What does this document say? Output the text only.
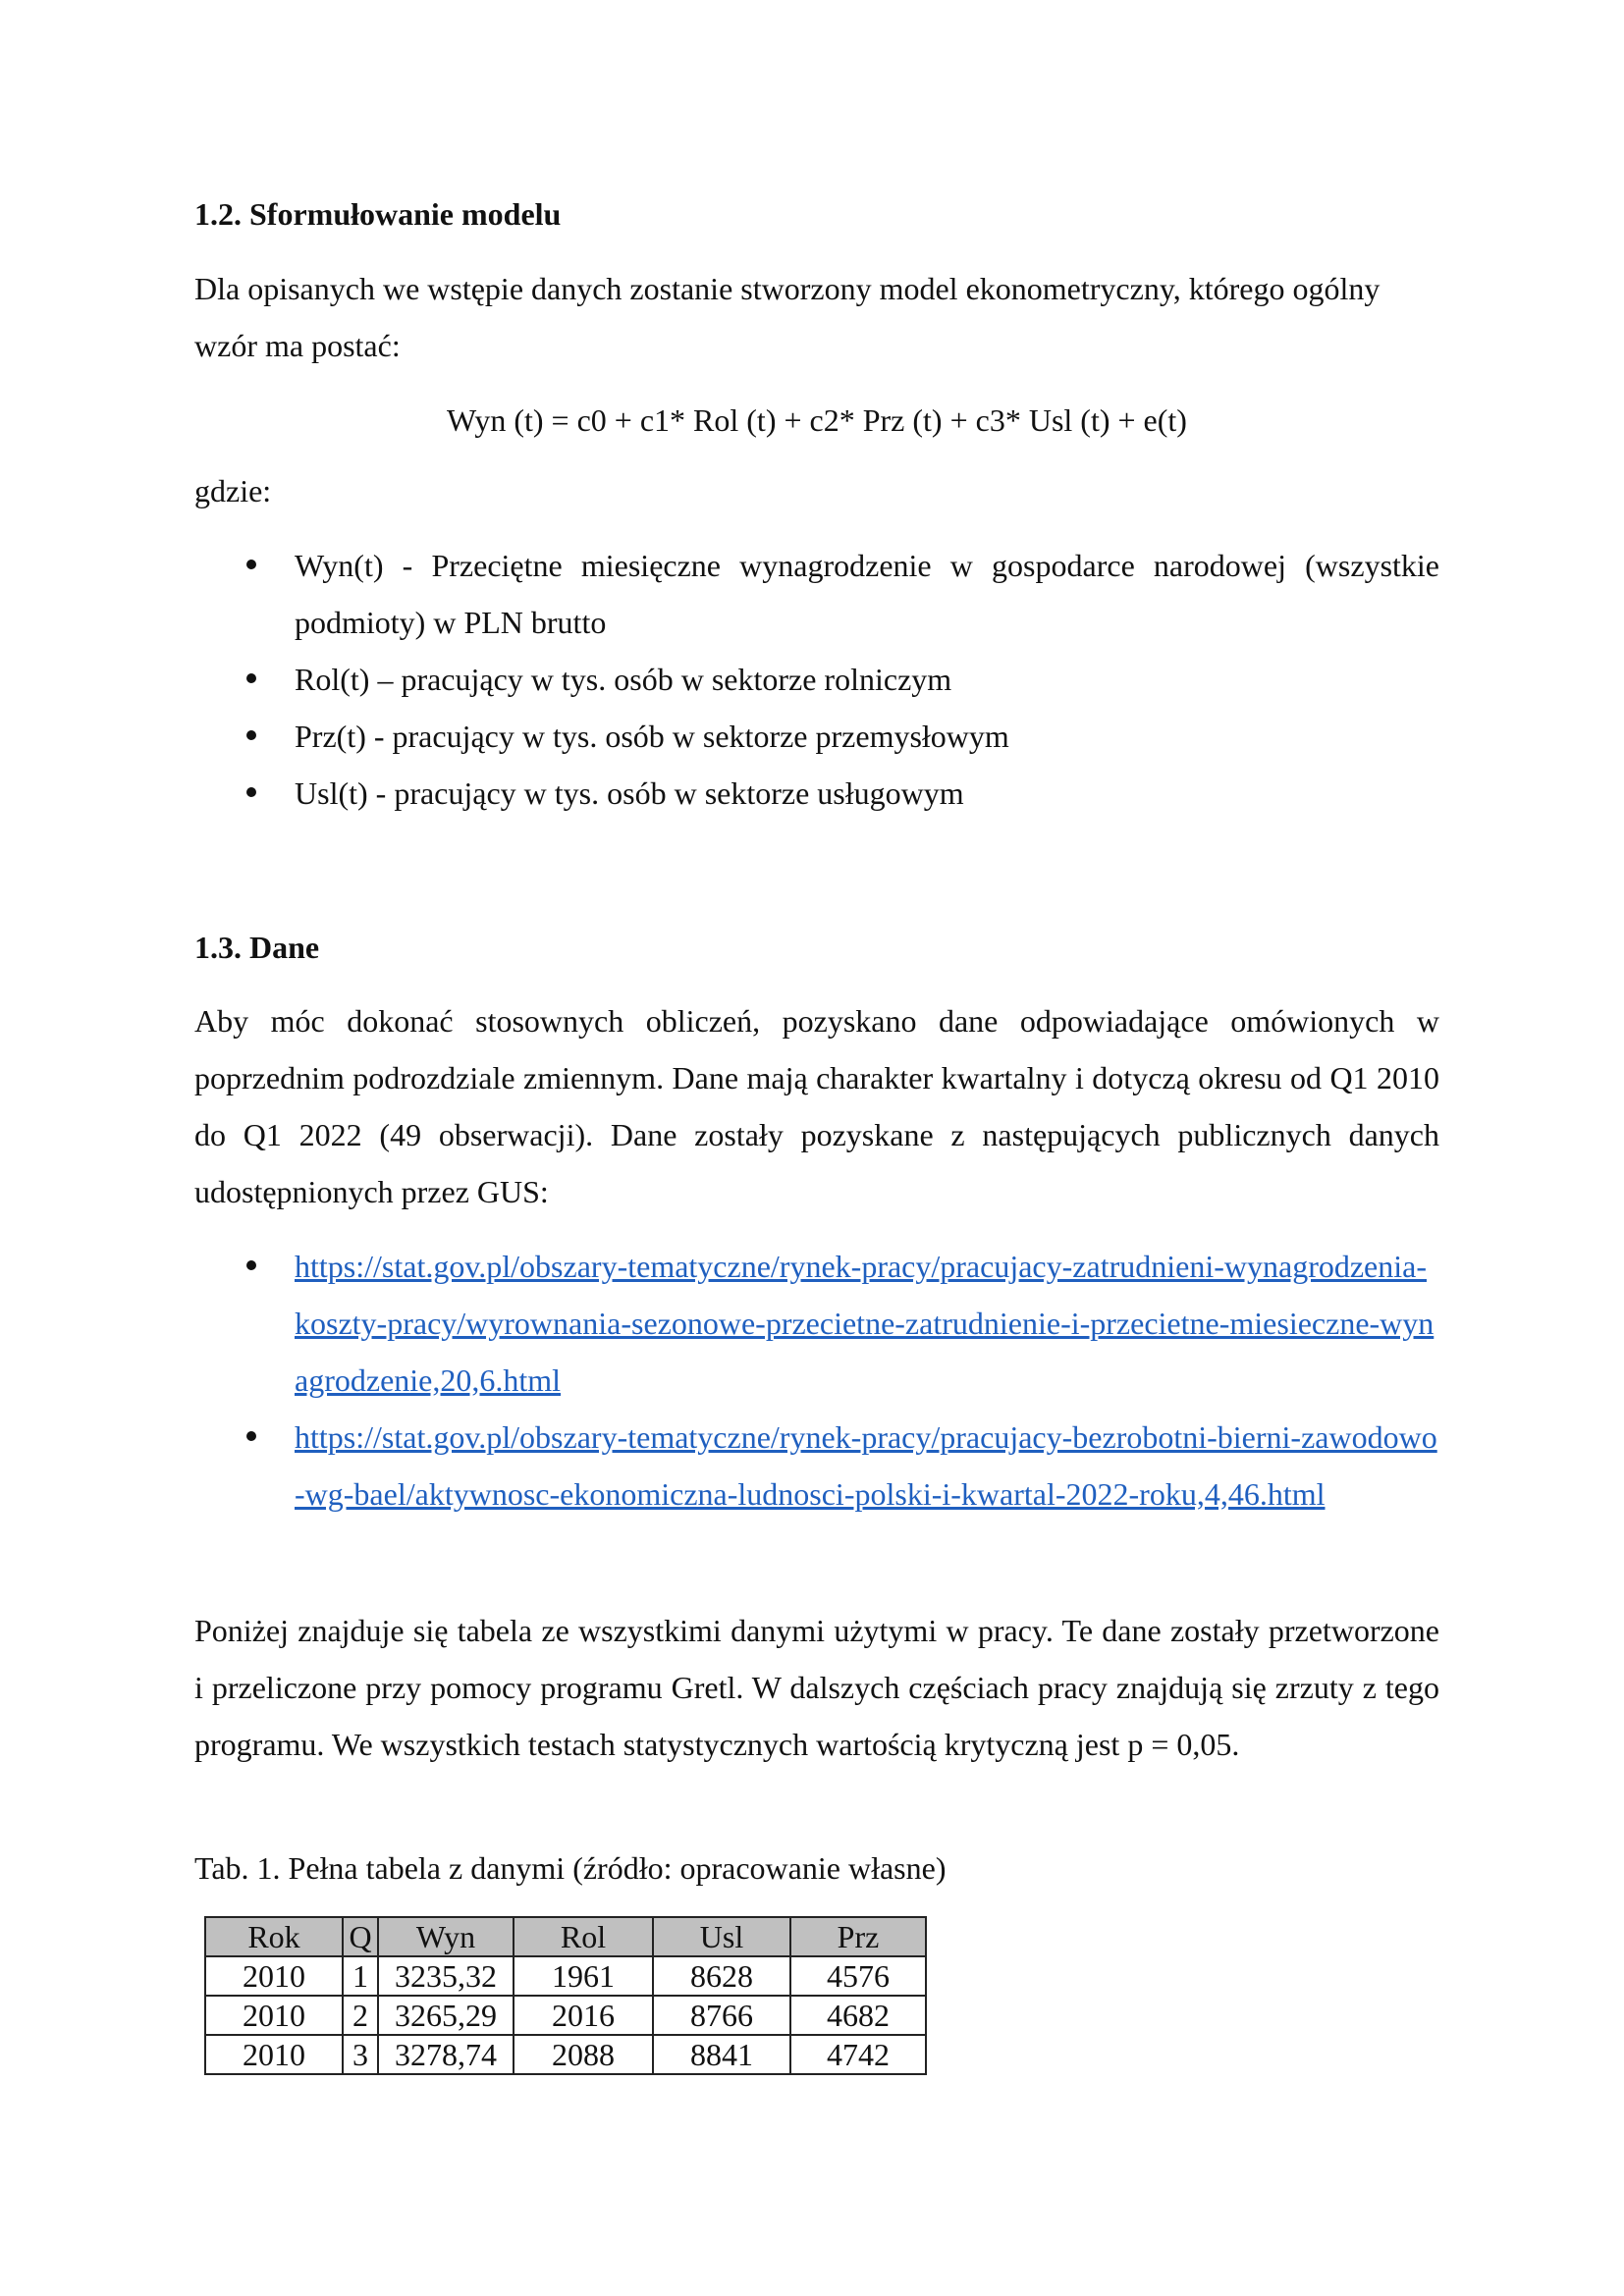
1.2. Sformułowanie modelu

Dla opisanych we wstępie danych zostanie stworzony model ekonometryczny, którego ogólny wzór ma postać:

Wyn (t) = c0 + c1* Rol (t) + c2* Prz (t) + c3* Usl (t) + e(t)
gdzie:
Wyn(t) - Przeciętne miesięczne wynagrodzenie w gospodarce narodowej (wszystkie podmioty) w PLN brutto
Rol(t) – pracujący w tys. osób w sektorze rolniczym
Prz(t) - pracujący w tys. osób w sektorze przemysłowym
Usl(t) - pracujący w tys. osób w sektorze usługowym
1.3. Dane

Aby móc dokonać stosownych obliczeń, pozyskano dane odpowiadające omówionych w poprzednim podrozdziale zmiennym. Dane mają charakter kwartalny i dotyczą okresu od Q1 2010 do Q1 2022 (49 obserwacji). Dane zostały pozyskane z następujących publicznych danych udostępnionych przez GUS:

https://stat.gov.pl/obszary-tematyczne/rynek-pracy/pracujacy-zatrudnieni-wynagrodzenia-koszty-pracy/wyrownania-sezonowe-przecietne-zatrudnienie-i-przecietne-miesieczne-wynagrodzenie,20,6.html
https://stat.gov.pl/obszary-tematyczne/rynek-pracy/pracujacy-bezrobotni-bierni-zawodowo-wg-bael/aktywnosc-ekonomiczna-ludnosci-polski-i-kwartal-2022-roku,4,46.html

Poniżej znajduje się tabela ze wszystkimi danymi użytymi w pracy. Te dane zostały przetworzone i przeliczone przy pomocy programu Gretl. W dalszych częściach pracy znajdują się zrzuty z tego programu. We wszystkich testach statystycznych wartością krytyczną jest p = 0,05.

Tab. 1. Pełna tabela z danymi (źródło: opracowanie własne)
Rok	Q	Wyn	Rol	Usl	Prz
2010	1	3235,32	1961	8628	4576
2010	2	3265,29	2016	8766	4682
2010	3	3278,74	2088	8841	4742
